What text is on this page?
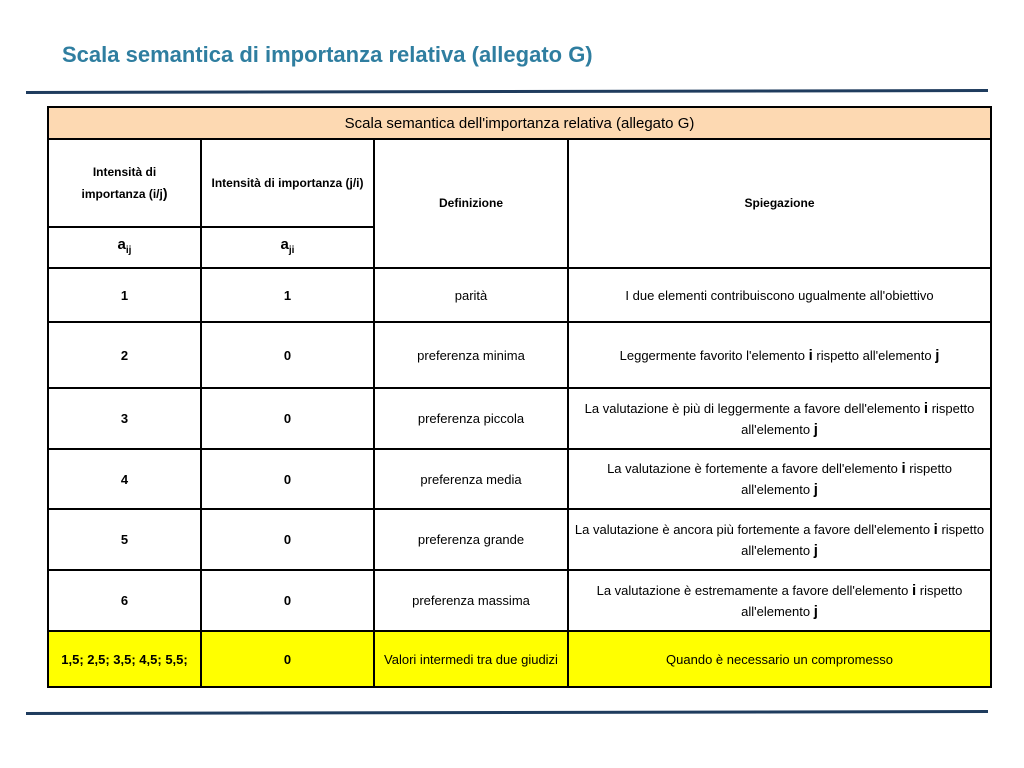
Scala semantica di importanza relativa (allegato G)
Scala semantica dell'importanza relativa (allegato G)			
Intensità di
importanza (i/j)	Intensità di importanza (j/i)	Definizione	Spiegazione
$a_{ij}$	$a_{ji}$
1	1	parità	I due elementi contribuiscono ugualmente all'obiettivo
2	0	preferenza minima	Leggermente favorito l'elemento i rispetto all'elemento j
3	0	preferenza piccola	La valutazione è più di leggermente a favore dell'elemento i rispetto all'elemento j
4	0	preferenza media	La valutazione è fortemente a favore dell'elemento i rispetto all'elemento j
5	0	preferenza grande	La valutazione è ancora più fortemente a favore dell'elemento i rispetto all'elemento j
6	0	preferenza massima	La valutazione è estremamente a favore dell'elemento i rispetto all'elemento j
1,5; 2,5; 3,5; 4,5; 5,5;	0	Valori intermedi tra due giudizi	Quando è necessario un compromesso
